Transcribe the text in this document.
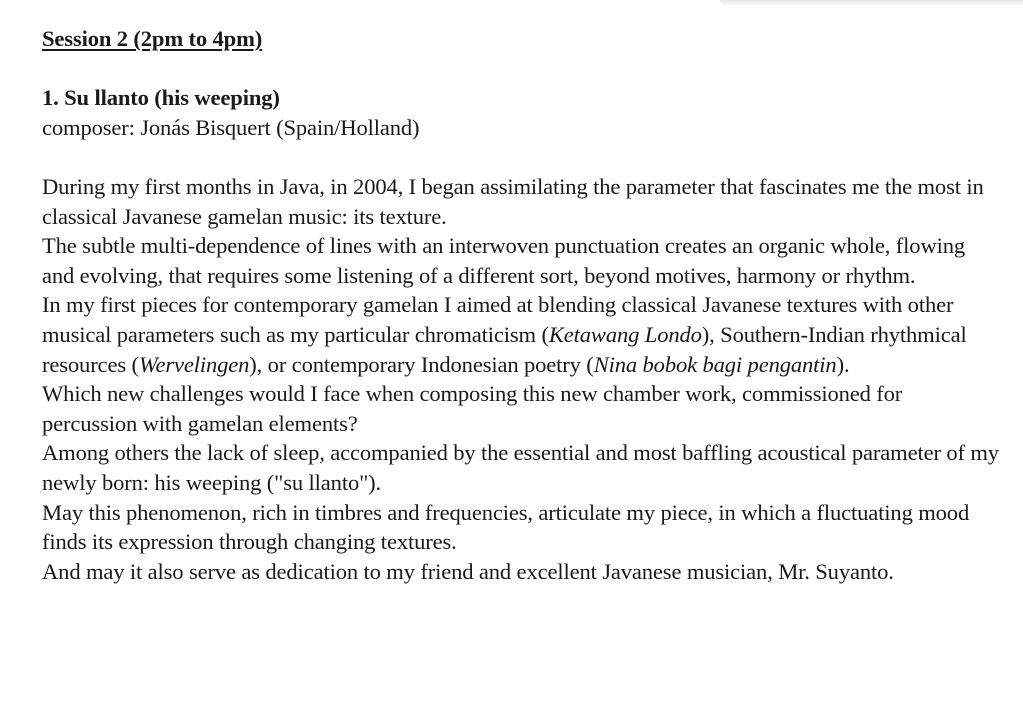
Session 2 (2pm to 4pm)

1. Su llanto (his weeping)

composer: Jonás Bisquert (Spain/Holland)

During my first months in Java, in 2004, I began assimilating the parameter that fascinates me the most in classical Javanese gamelan music: its texture.

The subtle multi-dependence of lines with an interwoven punctuation creates an organic whole, flowing and evolving, that requires some listening of a different sort, beyond motives, harmony or rhythm.

In my first pieces for contemporary gamelan I aimed at blending classical Javanese textures with other musical parameters such as my particular chromaticism (Ketawang Londo), Southern-Indian rhythmical resources (Wervelingen), or contemporary Indonesian poetry (Nina bobok bagi pengantin).

Which new challenges would I face when composing this new chamber work, commissioned for percussion with gamelan elements?

Among others the lack of sleep, accompanied by the essential and most baffling acoustical parameter of my newly born: his weeping ("su llanto").

May this phenomenon, rich in timbres and frequencies, articulate my piece, in which a fluctuating mood finds its expression through changing textures.

And may it also serve as dedication to my friend and excellent Javanese musician, Mr. Suyanto.
